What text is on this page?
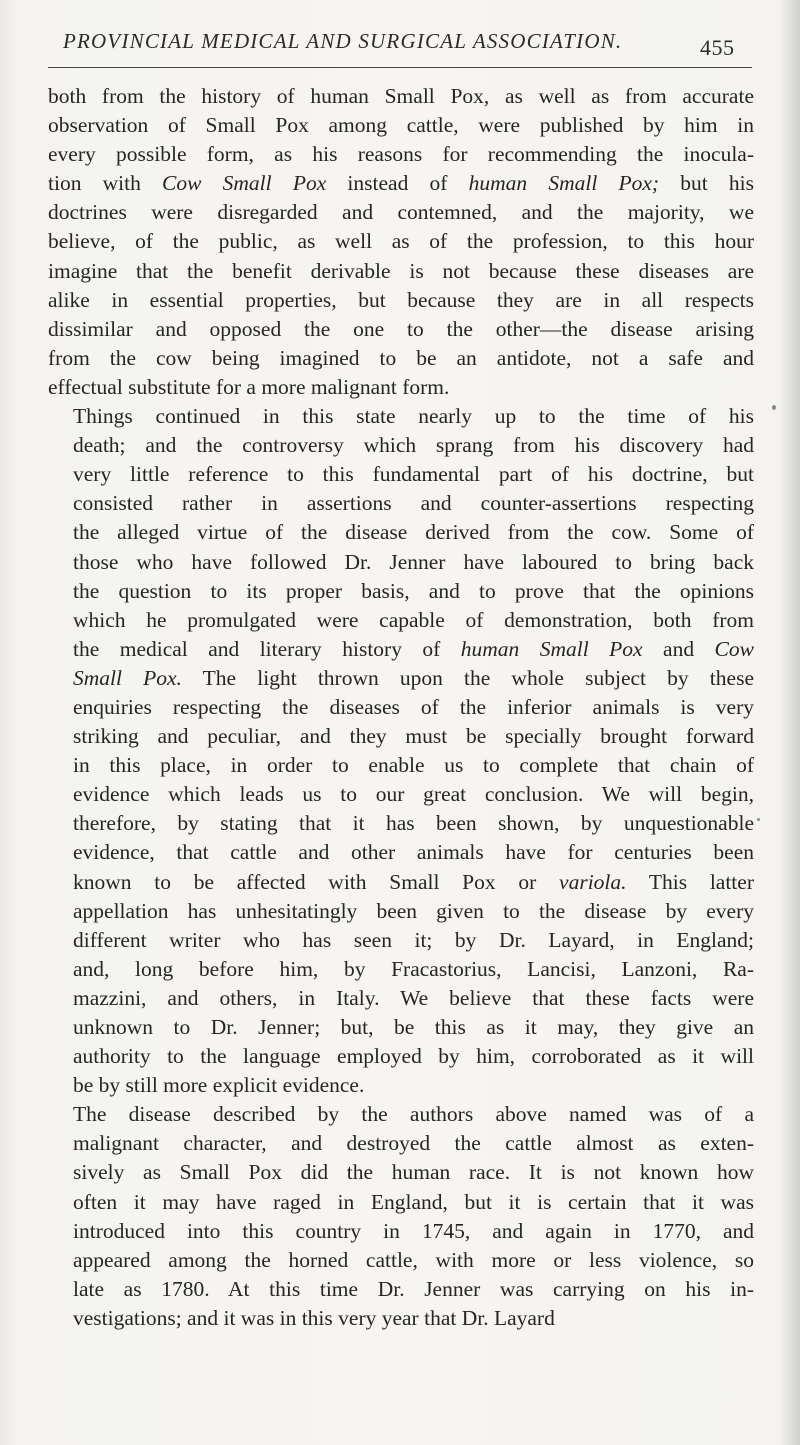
PROVINCIAL MEDICAL AND SURGICAL ASSOCIATION.	455
both from the history of human Small Pox, as well as from accurate
observation of Small Pox among cattle, were published by him in
every possible form, as his reasons for recommending the inocula-
tion with Cow Small Pox instead of human Small Pox; but his
doctrines were disregarded and contemned, and the majority, we
believe, of the public, as well as of the profession, to this hour
imagine that the benefit derivable is not because these diseases are
alike in essential properties, but because they are in all respects
dissimilar and opposed the one to the other—the disease arising
from the cow being imagined to be an antidote, not a safe and
effectual substitute for a more malignant form.
Things continued in this state nearly up to the time of his
death; and the controversy which sprang from his discovery had
very little reference to this fundamental part of his doctrine, but
consisted rather in assertions and counter-assertions respecting
the alleged virtue of the disease derived from the cow. Some of
those who have followed Dr. Jenner have laboured to bring back
the question to its proper basis, and to prove that the opinions
which he promulgated were capable of demonstration, both from
the medical and literary history of human Small Pox and Cow
Small Pox. The light thrown upon the whole subject by these
enquiries respecting the diseases of the inferior animals is very
striking and peculiar, and they must be specially brought forward
in this place, in order to enable us to complete that chain of
evidence which leads us to our great conclusion. We will begin,
therefore, by stating that it has been shown, by unquestionable
evidence, that cattle and other animals have for centuries been
known to be affected with Small Pox or variola. This latter
appellation has unhesitatingly been given to the disease by every
different writer who has seen it; by Dr. Layard, in England;
and, long before him, by Fracastorius, Lancisi, Lanzoni, Ra-
mazzini, and others, in Italy. We believe that these facts were
unknown to Dr. Jenner; but, be this as it may, they give an
authority to the language employed by him, corroborated as it will
be by still more explicit evidence.
The disease described by the authors above named was of a
malignant character, and destroyed the cattle almost as exten-
sively as Small Pox did the human race. It is not known how
often it may have raged in England, but it is certain that it was
introduced into this country in 1745, and again in 1770, and
appeared among the horned cattle, with more or less violence, so
late as 1780. At this time Dr. Jenner was carrying on his in-
vestigations; and it was in this very year that Dr. Layard
